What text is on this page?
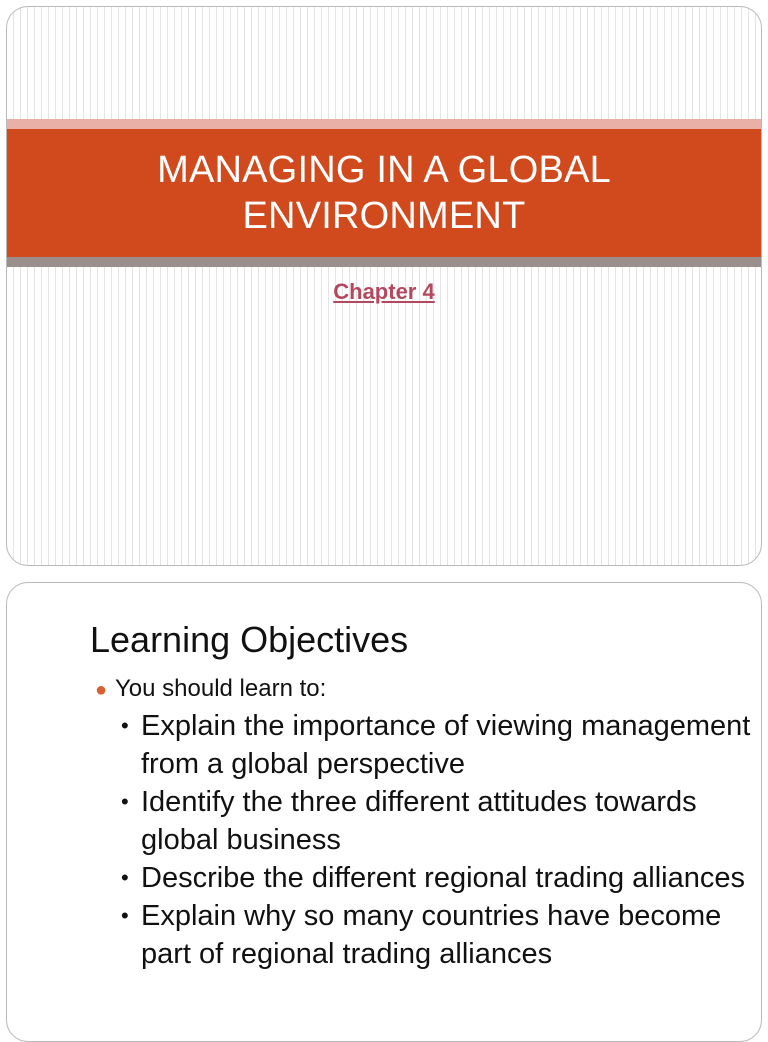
MANAGING IN A GLOBAL ENVIRONMENT
Chapter 4
Learning Objectives
● You should learn to:
• Explain the importance of viewing management from a global perspective
• Identify the three different attitudes towards global business
• Describe the different regional trading alliances
• Explain why so many countries have become part of regional trading alliances
